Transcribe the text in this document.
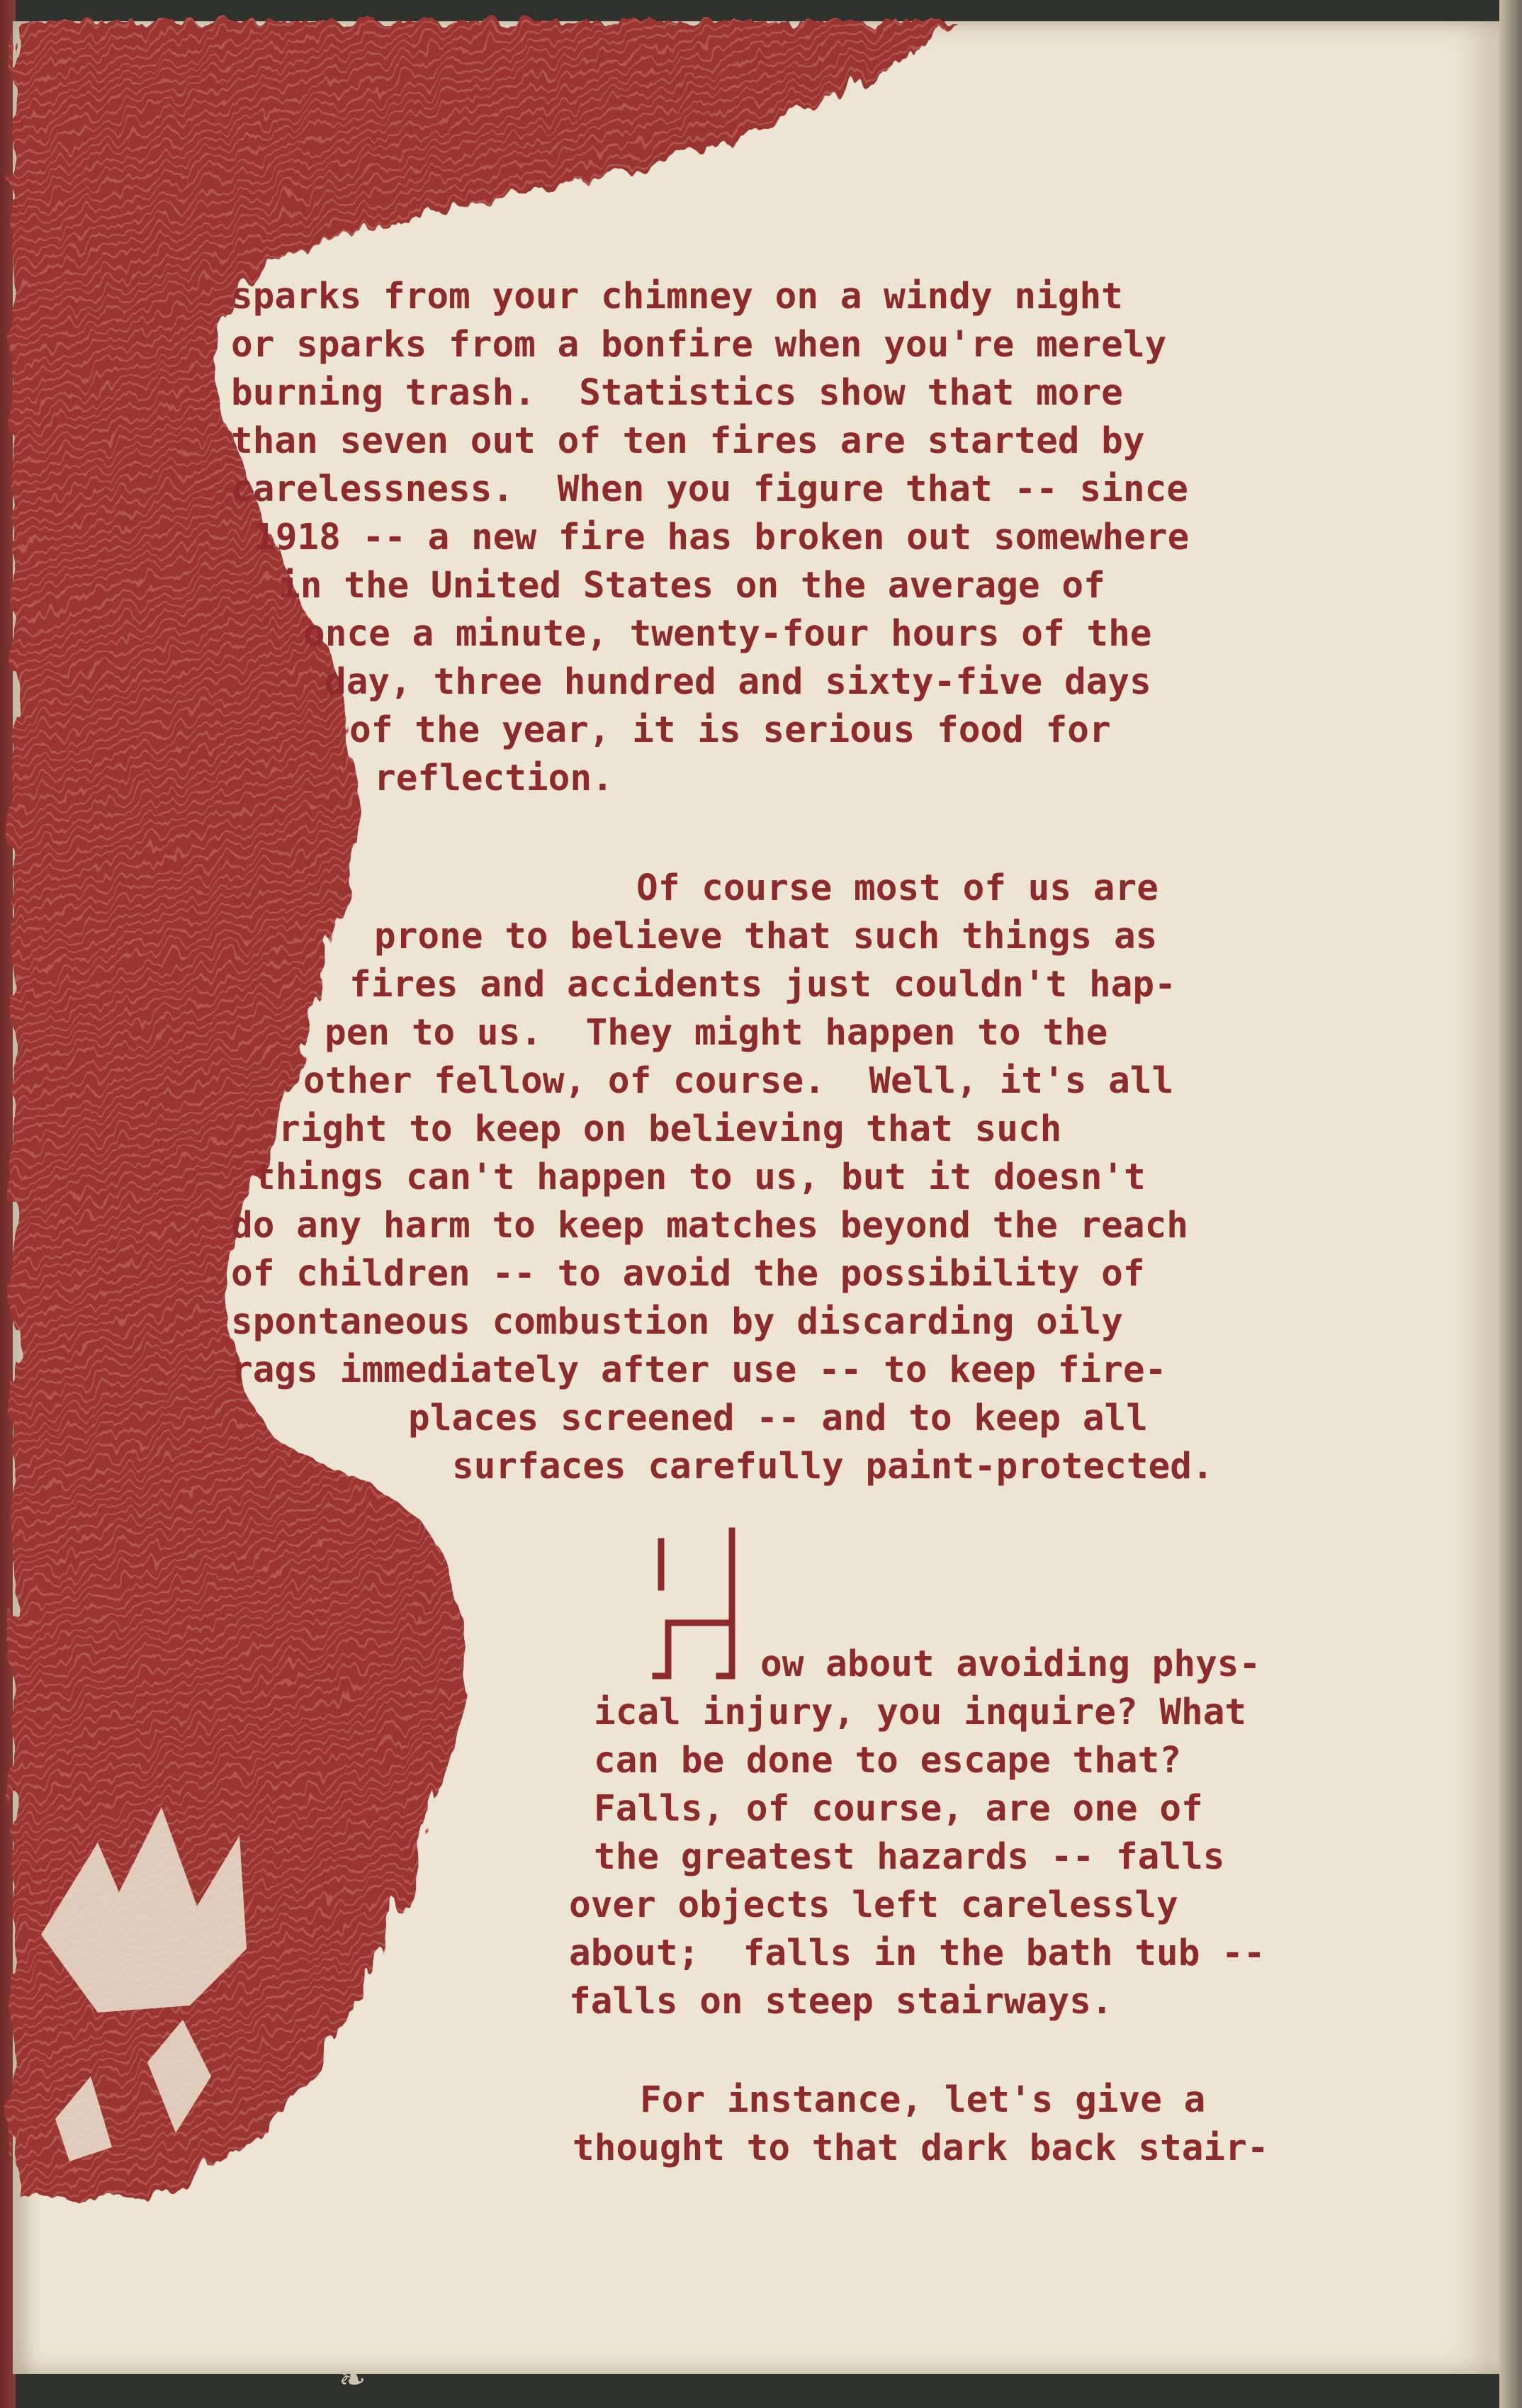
sparks from your chimney on a windy night
or sparks from a bonfire when you're merely
burning trash.  Statistics show that more
than seven out of ten fires are started by
carelessness.  When you figure that -- since
1918 -- a new fire has broken out somewhere
in the United States on the average of
once a minute, twenty-four hours of the
day, three hundred and sixty-five days
of the year, it is serious food for
reflection.
Of course most of us are
prone to believe that such things as
fires and accidents just couldn't hap-
pen to us.  They might happen to the
other fellow, of course.  Well, it's all
right to keep on believing that such
things can't happen to us, but it doesn't
do any harm to keep matches beyond the reach
of children -- to avoid the possibility of
spontaneous combustion by discarding oily
rags immediately after use -- to keep fire-
places screened -- and to keep all
surfaces carefully paint-protected.
ow about avoiding phys-
ical injury, you inquire? What
can be done to escape that?
Falls, of course, are one of
the greatest hazards -- falls
over objects left carelessly
about;  falls in the bath tub --
falls on steep stairways.
For instance, let's give a
thought to that dark back stair-
❧
